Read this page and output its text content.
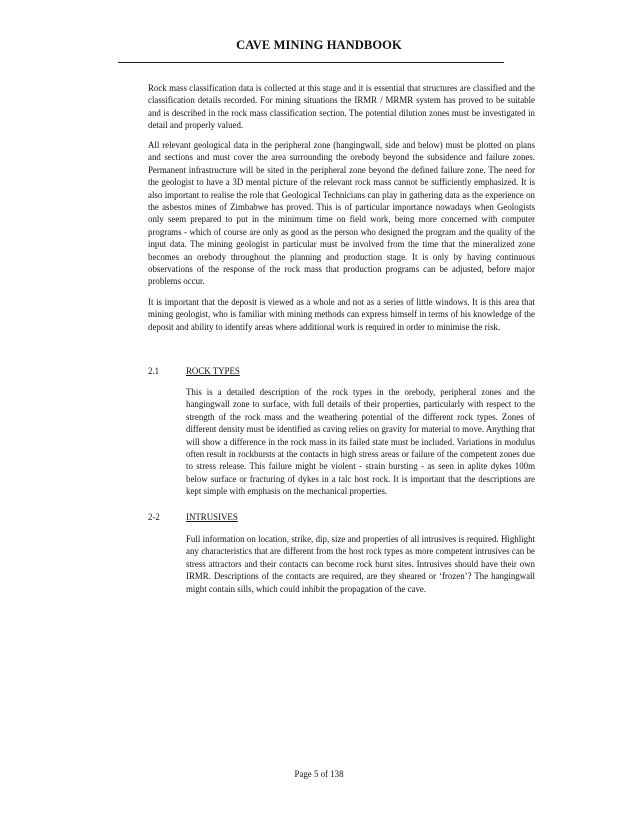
CAVE MINING HANDBOOK

Rock mass classification data is collected at this stage and it is essential that structures are classified and the classification details recorded. For mining situations the IRMR / MRMR system has proved to be suitable and is described in the rock mass classification section. The potential dilution zones must be investigated in detail and properly valued.

All relevant geological data in the peripheral zone (hangingwall, side and below) must be plotted on plans and sections and must cover the area surrounding the orebody beyond the subsidence and failure zones. Permanent infrastructure will be sited in the peripheral zone beyond the defined failure zone. The need for the geologist to have a 3D mental picture of the relevant rock mass cannot be sufficiently emphasized. It is also important to realise the role that Geological Technicians can play in gathering data as the experience on the asbestos mines of Zimbabwe has proved. This is of particular importance nowadays when Geologists only seem prepared to put in the minimum time on field work, being more concerned with computer programs - which of course are only as good as the person who designed the program and the quality of the input data. The mining geologist in particular must be involved from the time that the mineralized zone becomes an orebody throughout the planning and production stage. It is only by having continuous observations of the response of the rock mass that production programs can be adjusted, before major problems occur.

It is important that the deposit is viewed as a whole and not as a series of little windows. It is this area that mining geologist, who is familiar with mining methods can express himself in terms of his knowledge of the deposit and ability to identify areas where additional work is required in order to minimise the risk.

2.1	ROCK TYPES

This is a detailed description of the rock types in the orebody, peripheral zones and the hangingwall zone to surface, with full details of their properties, particularly with respect to the strength of the rock mass and the weathering potential of the different rock types. Zones of different density must be identified as caving relies on gravity for material to move. Anything that will show a difference in the rock mass in its failed state must be included. Variations in modulus often result in rockbursts at the contacts in high stress areas or failure of the competent zones due to stress release. This failure might be violent - strain bursting - as seen in aplite dykes 100m below surface or fracturing of dykes in a talc host rock. It is important that the descriptions are kept simple with emphasis on the mechanical properties.

2-2	INTRUSIVES

Full information on location, strike, dip, size and properties of all intrusives is required. Highlight any characteristics that are different from the host rock types as more competent intrusives can be stress attractors and their contacts can become rock burst sites. Intrusives should have their own IRMR. Descriptions of the contacts are required, are they sheared or ‘frozen’? The hangingwall might contain sills, which could inhibit the propagation of the cave.

Page 5 of 138
